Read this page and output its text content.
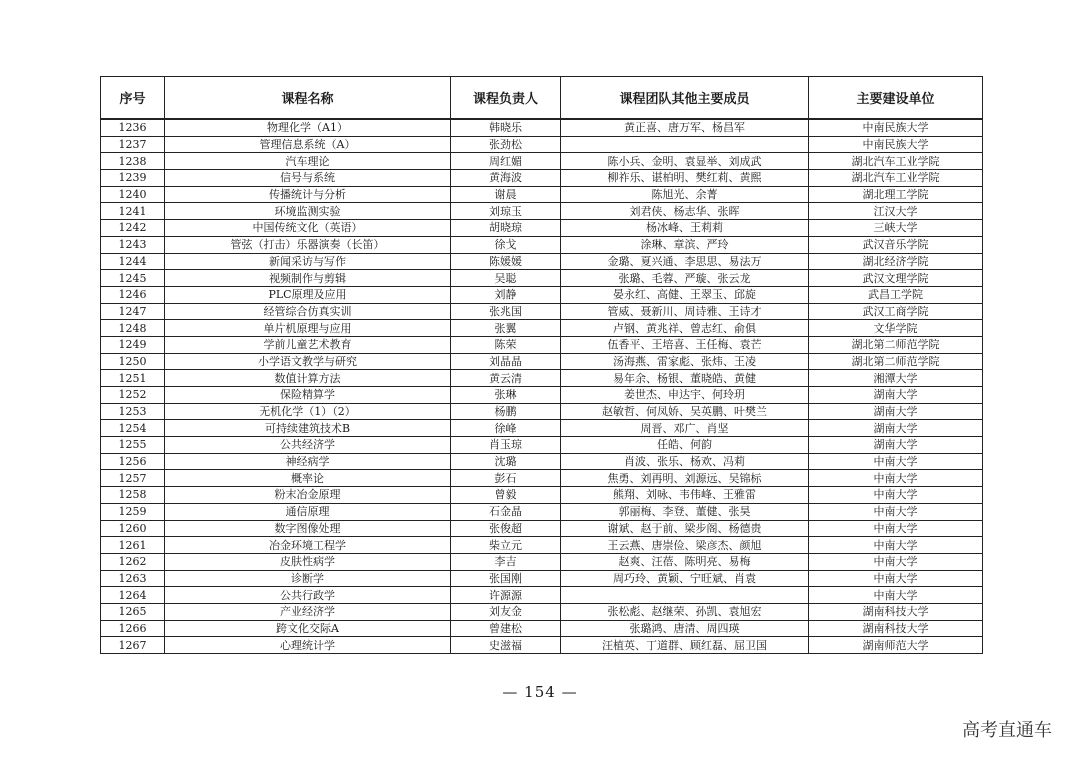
序号	课程名称	课程负责人	课程团队其他主要成员	主要建设单位
1236	物理化学（A1）	韩晓乐	黄正喜、唐万军、杨昌军	中南民族大学
1237	管理信息系统（A）	张劲松		中南民族大学
1238	汽车理论	周红媚	陈小兵、金明、袁显举、刘成武	湖北汽车工业学院
1239	信号与系统	黄海波	柳祚乐、谌柏明、樊红莉、黄熙	湖北汽车工业学院
1240	传播统计与分析	谢晨	陈旭光、余菁	湖北理工学院
1241	环境监测实验	刘琼玉	刘君侠、杨志华、张晖	江汉大学
1242	中国传统文化（英语）	胡晓琼	杨冰峰、王莉莉	三峡大学
1243	管弦（打击）乐器演奏（长笛）	徐戈	涂琳、章滨、严玲	武汉音乐学院
1244	新闻采访与写作	陈媛媛	金璐、夏兴通、李思思、易法万	湖北经济学院
1245	视频制作与剪辑	吴聪	张璐、毛蓉、严璇、张云龙	武汉文理学院
1246	PLC原理及应用	刘静	晏永红、高健、王翠玉、邱旋	武昌工学院
1247	经管综合仿真实训	张兆国	管威、聂新川、周诗雅、王诗才	武汉工商学院
1248	单片机原理与应用	张翼	卢钢、黄兆祥、曾志红、俞俱	文华学院
1249	学前儿童艺术教育	陈荣	伍香平、王培喜、王任梅、袁芒	湖北第二师范学院
1250	小学语文教学与研究	刘晶晶	汤海燕、雷家彪、张炜、王凌	湖北第二师范学院
1251	数值计算方法	黄云清	易年余、杨银、董晓皓、黄健	湘潭大学
1252	保险精算学	张琳	姜世杰、申达宇、何玲玥	湖南大学
1253	无机化学（1）（2）	杨鹏	赵敏哲、何凤娇、吴英鹏、叶樊兰	湖南大学
1254	可持续建筑技术B	徐峰	周晋、邓广、肖坚	湖南大学
1255	公共经济学	肖玉琼	任皓、何韵	湖南大学
1256	神经病学	沈璐	肖波、张乐、杨欢、冯莉	中南大学
1257	概率论	彭石	焦勇、刘再明、刘源远、吴锦标	中南大学
1258	粉末冶金原理	曾毅	熊翔、刘咏、韦伟峰、王雅雷	中南大学
1259	通信原理	石金晶	郭丽梅、李登、董健、张昊	中南大学
1260	数字图像处理	张俊超	谢斌、赵于前、梁步阁、杨德贵	中南大学
1261	冶金环境工程学	柴立元	王云燕、唐崇俭、梁彦杰、颜旭	中南大学
1262	皮肤性病学	李吉	赵爽、汪蓓、陈明亮、易梅	中南大学
1263	诊断学	张国刚	周巧玲、黄颖、宁旺斌、肖袁	中南大学
1264	公共行政学	许源源		中南大学
1265	产业经济学	刘友金	张松彪、赵继荣、孙凯、袁旭宏	湖南科技大学
1266	跨文化交际A	曾建松	张璐鸿、唐清、周四瑛	湖南科技大学
1267	心理统计学	史滋福	汪植英、丁道群、顾红磊、屈卫国	湖南师范大学
— 154 —
高考直通车
